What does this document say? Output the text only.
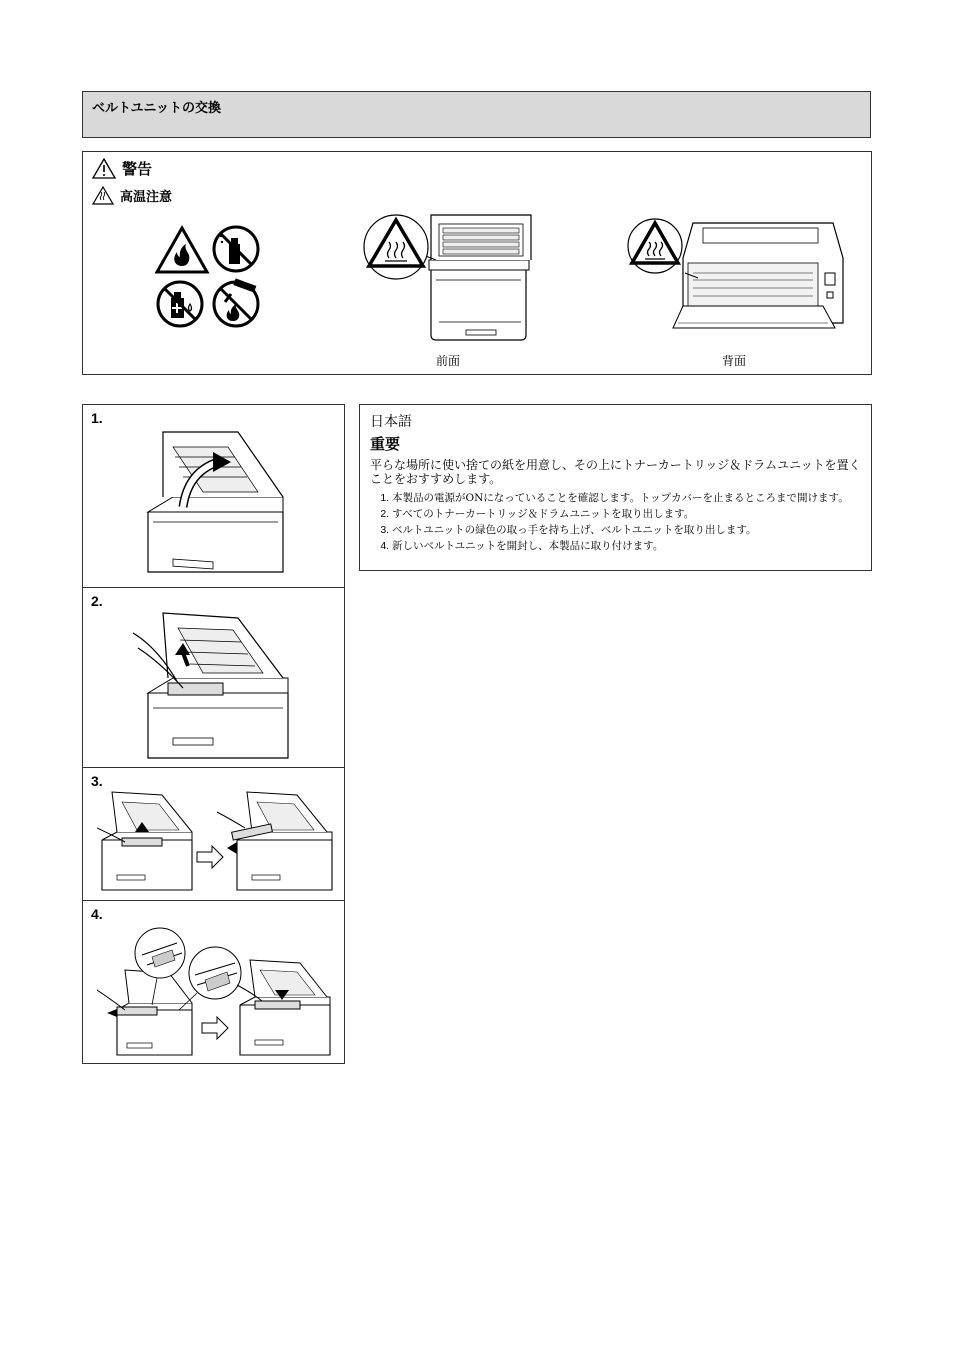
ベルトユニットの交換
警告
高温注意
前面	背面
1.
2.
3.
4.
日本語
重要
平らな場所に使い捨ての紙を用意し、その上にトナーカートリッジ＆ドラムユニットを置くことをおすすめします。
1. 本製品の電源がONになっていることを確認します。トップカバーを止まるところまで開けます。
2. すべてのトナーカートリッジ＆ドラムユニットを取り出します。
3. ベルトユニットの緑色の取っ手を持ち上げ、ベルトユニットを取り出します。
4. 新しいベルトユニットを開封し、本製品に取り付けます。
